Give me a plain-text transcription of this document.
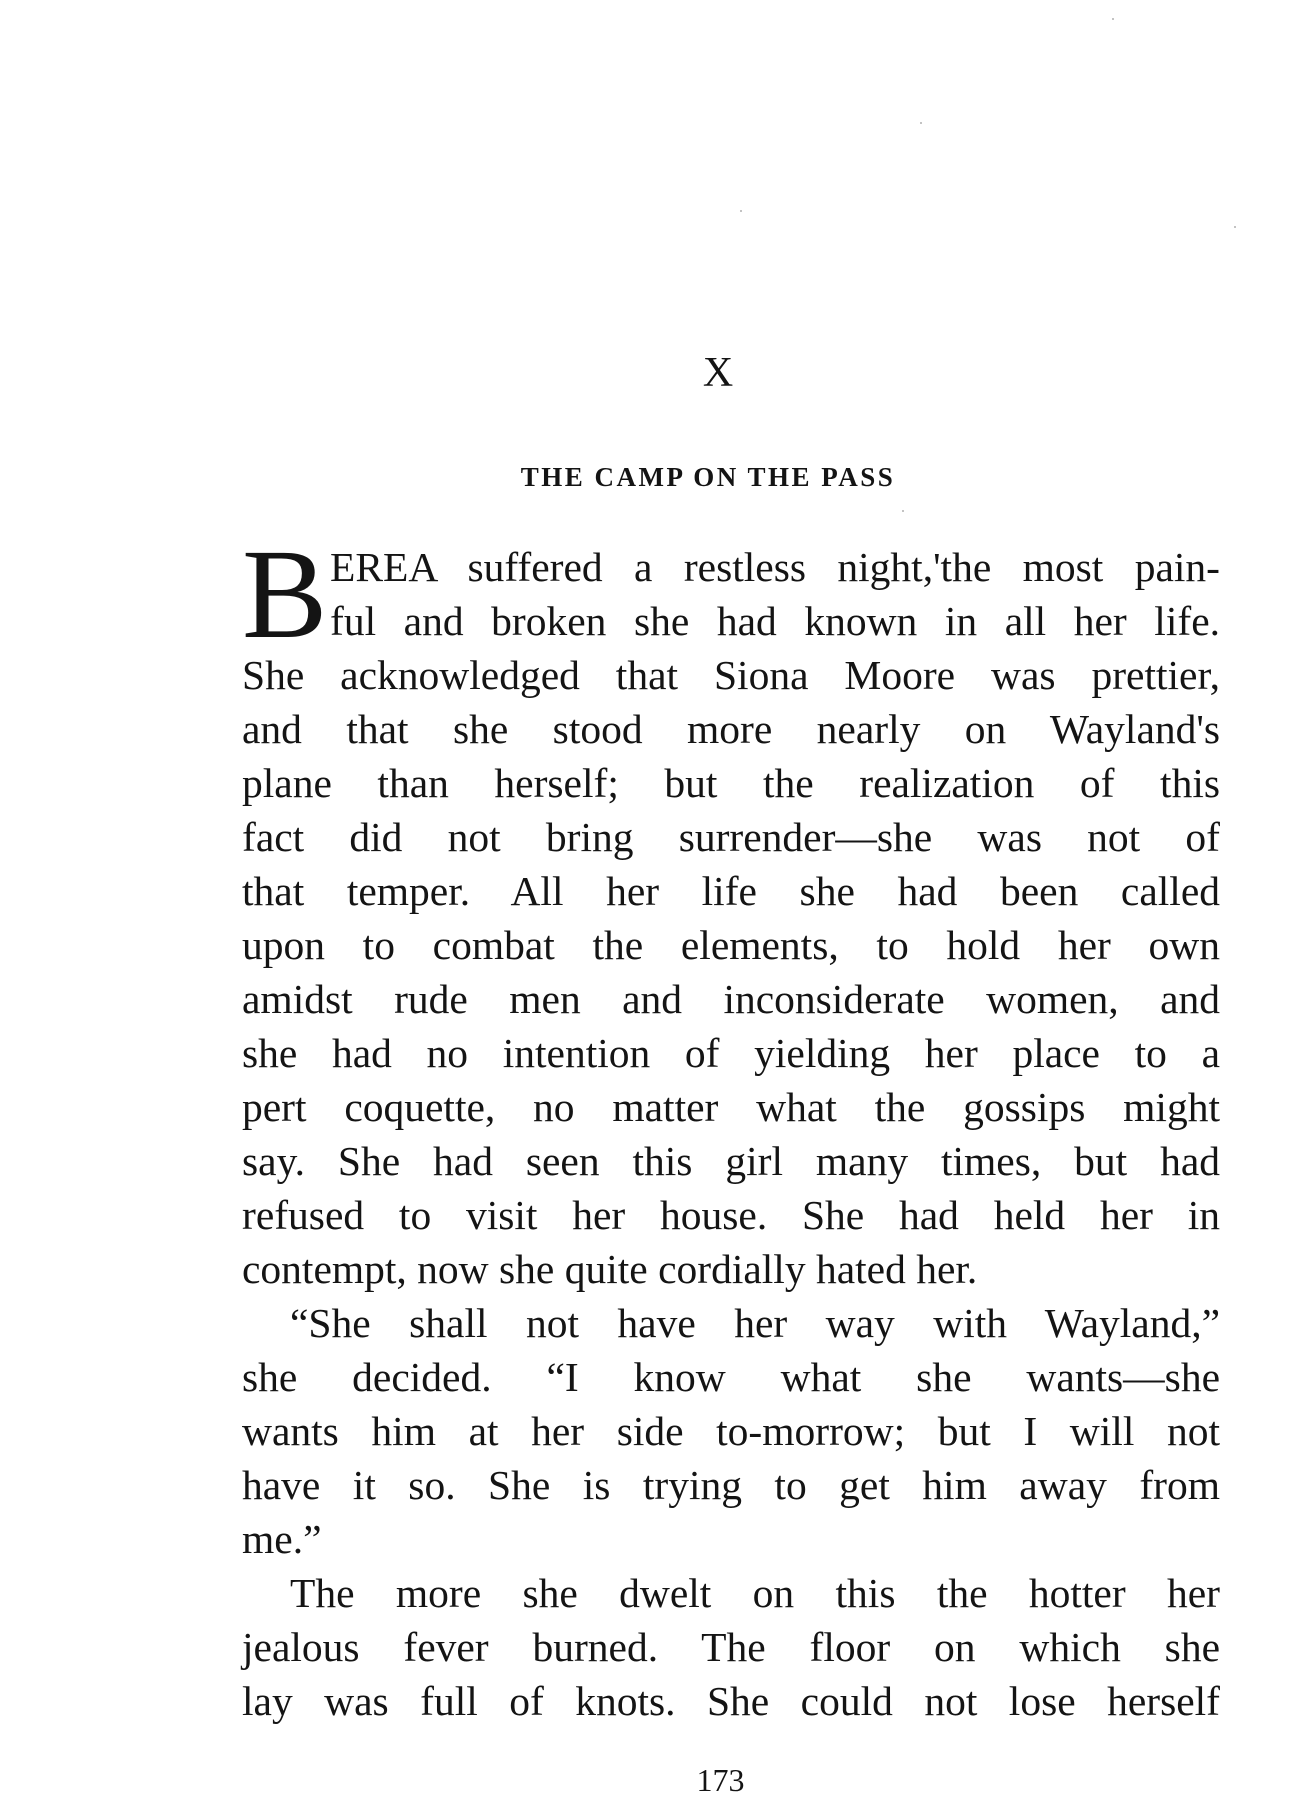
X
THE CAMP ON THE PASS
B EREA suffered a restless night,'the most pain-
ful and broken she had known in all her life.
She acknowledged that Siona Moore was prettier,
and that she stood more nearly on Wayland's
plane than herself; but the realization of this
fact did not bring surrender—she was not of
that temper. All her life she had been called
upon to combat the elements, to hold her own
amidst rude men and inconsiderate women, and
she had no intention of yielding her place to a
pert coquette, no matter what the gossips might
say. She had seen this girl many times, but had
refused to visit her house. She had held her in
contempt, now she quite cordially hated her.
“She shall not have her way with Wayland,”
she decided. “I know what she wants—she
wants him at her side to-morrow; but I will not
have it so. She is trying to get him away from
me.”
The more she dwelt on this the hotter her
jealous fever burned. The floor on which she
lay was full of knots. She could not lose herself
173
